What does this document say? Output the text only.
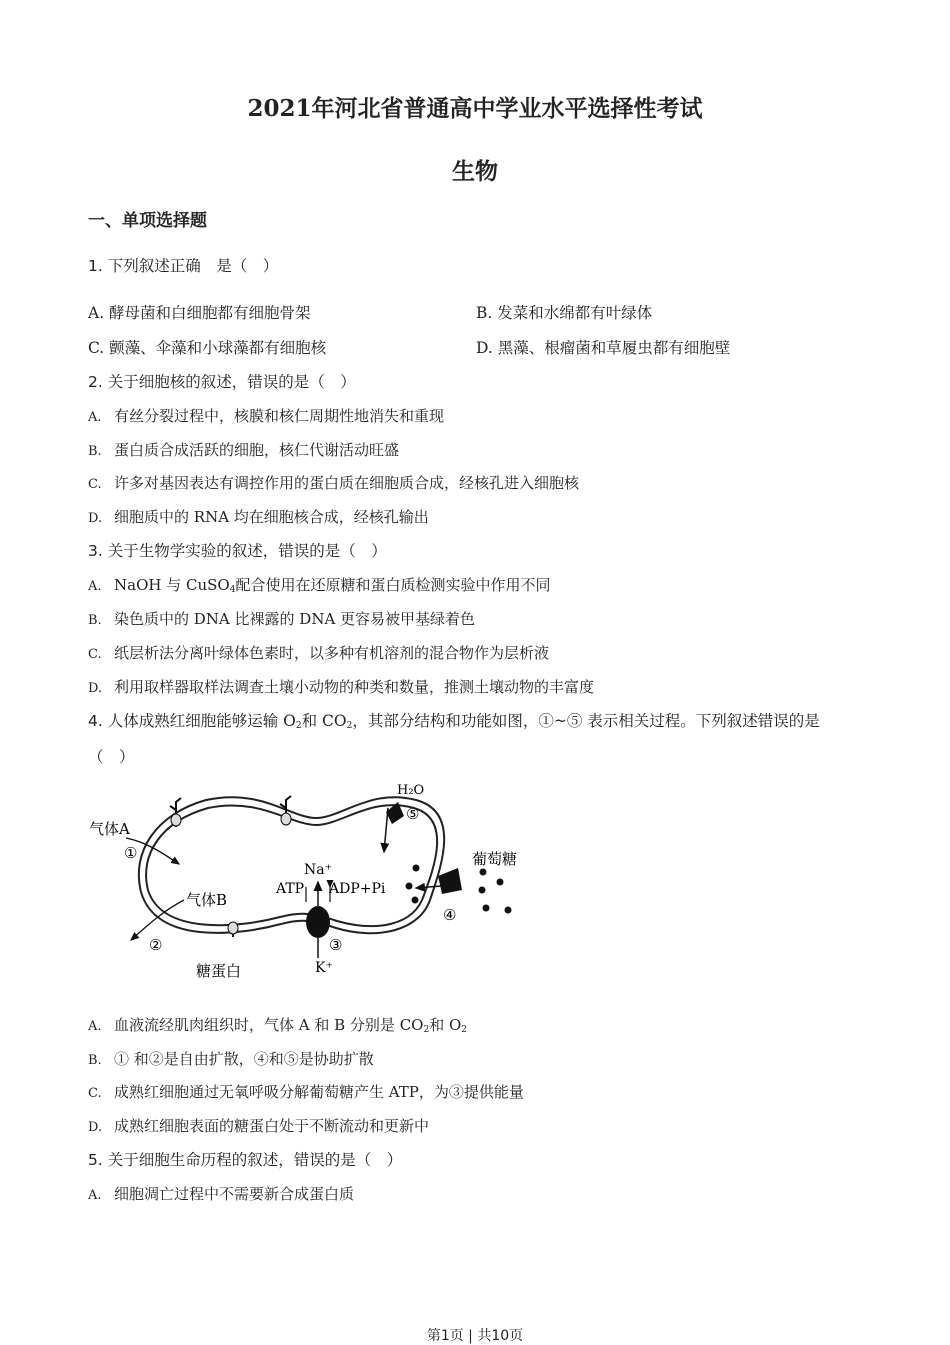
2021年河北省普通高中学业水平选择性考试
生物
一、单项选择题
1. 下列叙述正确　是（　）
A. 酵母菌和白细胞都有细胞骨架	B. 发菜和水绵都有叶绿体
C. 颤藻、伞藻和小球藻都有细胞核	D. 黑藻、根瘤菌和草履虫都有细胞壁
2. 关于细胞核的叙述，错误的是（　）
A. 有丝分裂过程中，核膜和核仁周期性地消失和重现
B. 蛋白质合成活跃的细胞，核仁代谢活动旺盛
C. 许多对基因表达有调控作用的蛋白质在细胞质合成，经核孔进入细胞核
D. 细胞质中的 RNA 均在细胞核合成，经核孔输出
3. 关于生物学实验的叙述，错误的是（　）
A. NaOH 与 CuSO$_4$配合使用在还原糖和蛋白质检测实验中作用不同
B. 染色质中的 DNA 比裸露的 DNA 更容易被甲基绿着色
C. 纸层析法分离叶绿体色素时，以多种有机溶剂的混合物作为层析液
D. 利用取样器取样法调查土壤小动物的种类和数量，推测土壤动物的丰富度
4. 人体成熟红细胞能够运输 $O_2$和 $CO_2$，其部分结构和功能如图，①~⑤ 表示相关过程。下列叙述错误的是
（　）
H₂O
⑤
葡萄糖
④
气体A
①
气体B
②
糖蛋白
Na⁺
ATP ADP+Pi
③
K⁺
A. 血液流经肌肉组织时，气体 A 和 B 分别是 $CO_2$和 $O_2$
B. ① 和②是自由扩散，④和⑤是协助扩散
C. 成熟红细胞通过无氧呼吸分解葡萄糖产生 ATP，为③提供能量
D. 成熟红细胞表面的糖蛋白处于不断流动和更新中
5. 关于细胞生命历程的叙述，错误的是（　）
A. 细胞凋亡过程中不需要新合成蛋白质
第1页 | 共10页
